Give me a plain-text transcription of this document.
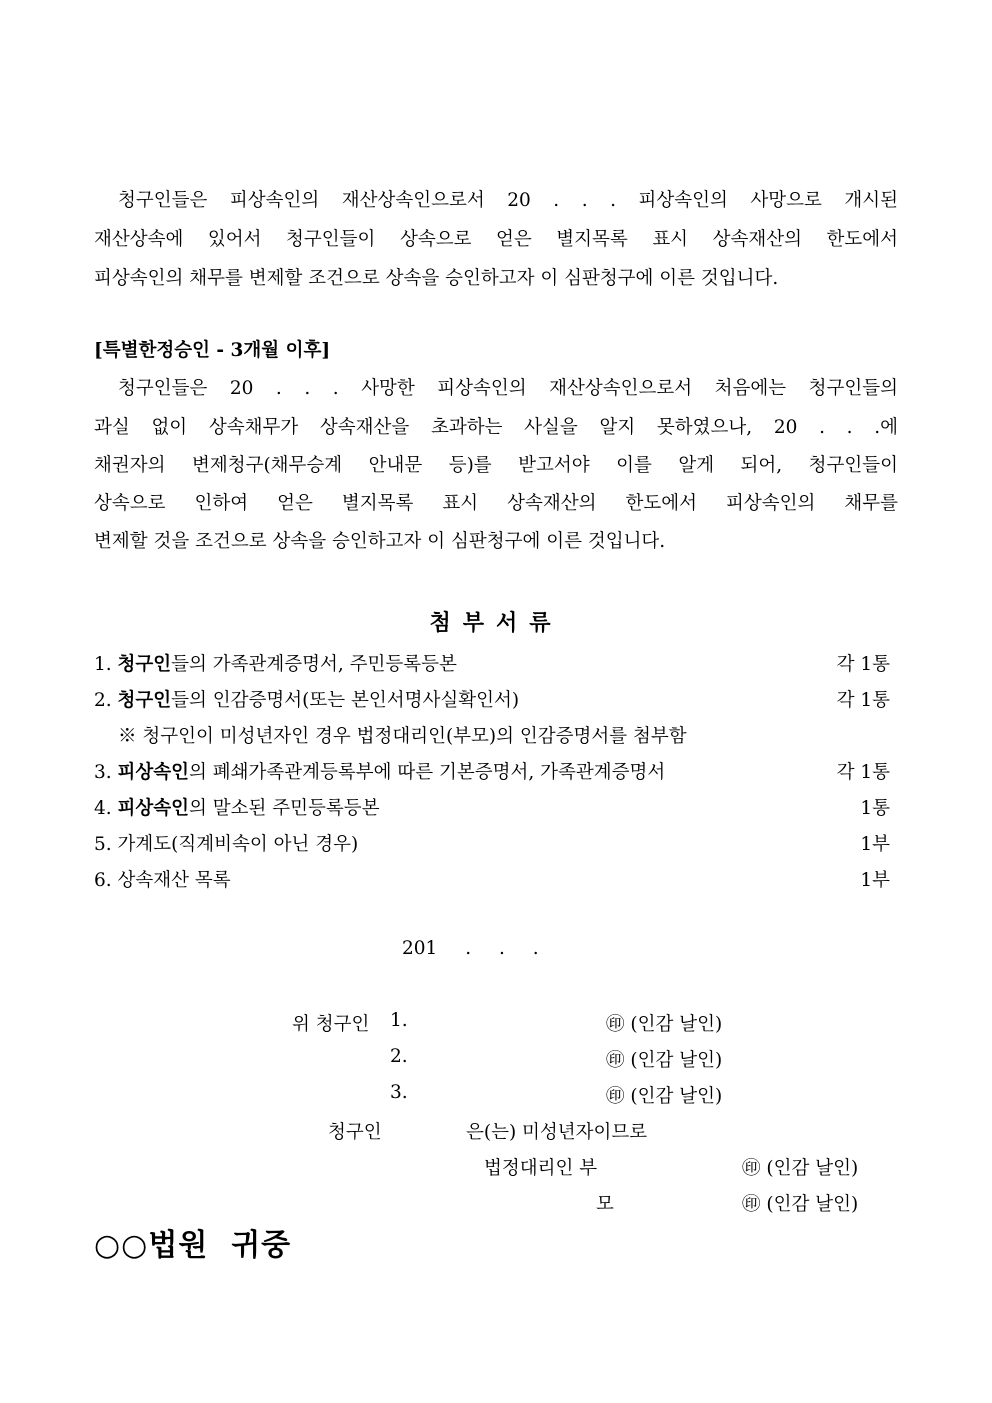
청구인들은 피상속인의 재산상속인으로서 20 . . . 피상속인의 사망으로 개시된
재산상속에 있어서 청구인들이 상속으로 얻은 별지목록 표시 상속재산의 한도에서
피상속인의 채무를 변제할 조건으로 상속을 승인하고자 이 심판청구에 이른 것입니다.
[특별한정승인 - 3개월 이후]
청구인들은 20 . . . 사망한 피상속인의 재산상속인으로서 처음에는 청구인들의
과실 없이 상속채무가 상속재산을 초과하는 사실을 알지 못하였으나, 20 . . .에
채권자의 변제청구(채무승계 안내문 등)를 받고서야 이를 알게 되어, 청구인들이
상속으로 인하여 얻은 별지목록 표시 상속재산의 한도에서 피상속인의 채무를
변제할 것을 조건으로 상속을 승인하고자 이 심판청구에 이른 것입니다.
첨부서류
1. 청구인들의 가족관계증명서, 주민등록등본	각 1통
2. 청구인들의 인감증명서(또는 본인서명사실확인서)	각 1통
※ 청구인이 미성년자인 경우 법정대리인(부모)의 인감증명서를 첨부함
3. 피상속인의 폐쇄가족관계등록부에 따른 기본증명서, 가족관계증명서	각 1통
4. 피상속인의 말소된 주민등록등본	1통
5. 가계도(직계비속이 아닌 경우)	1부
6. 상속재산 목록	1부
201 . . .
위 청구인 1.	㊞ (인감 날인)
2.	㊞ (인감 날인)
3.	㊞ (인감 날인)
청구인	은(는) 미성년자이므로
법정대리인 부	㊞ (인감 날인)
모	㊞ (인감 날인)
○○법원  귀중
